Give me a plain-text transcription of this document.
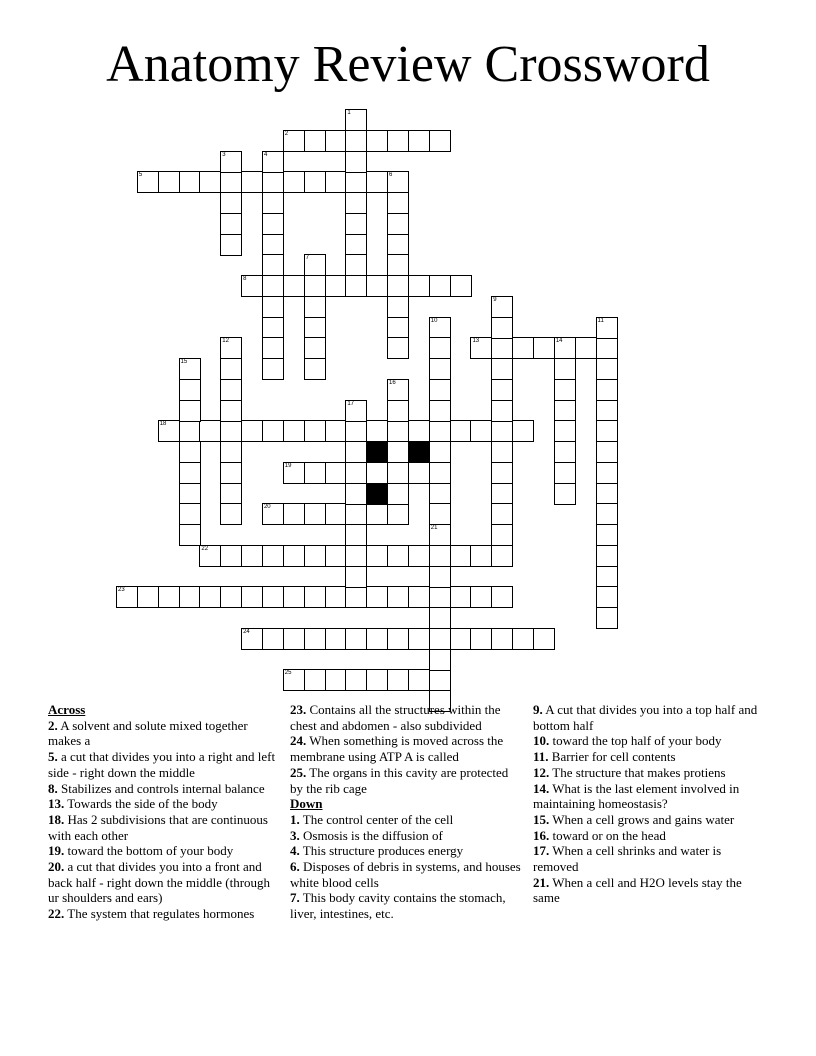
Anatomy Review Crossword
2
5	6
8
13	14
18
19
20
22
23
24
25
1
3	4
7
9
10	11
12
15
16
17
21
Across
2. A solvent and solute mixed together makes a
5. a cut that divides you into a right and left side - right down the middle
8. Stabilizes and controls internal balance
13. Towards the side of the body
18. Has 2 subdivisions that are continuous with each other
19. toward the bottom of your body
20. a cut that divides you into a front and back half - right down the middle (through ur shoulders and ears)
22. The system that regulates hormones
23. Contains all the structures within the chest and abdomen - also subdivided
24. When something is moved across the membrane using ATP A is called
25. The organs in this cavity are protected by the rib cage
Down
1. The control center of the cell
3. Osmosis is the diffusion of
4. This structure produces energy
6. Disposes of debris in systems, and houses white blood cells
7. This body cavity contains the stomach, liver, intestines, etc.
9. A cut that divides you into a top half and bottom half
10. toward the top half of your body
11. Barrier for cell contents
12. The structure that makes protiens
14. What is the last element involved in maintaining homeostasis?
15. When a cell grows and gains water
16. toward or on the head
17. When a cell shrinks and water is removed
21. When a cell and H2O levels stay the same
